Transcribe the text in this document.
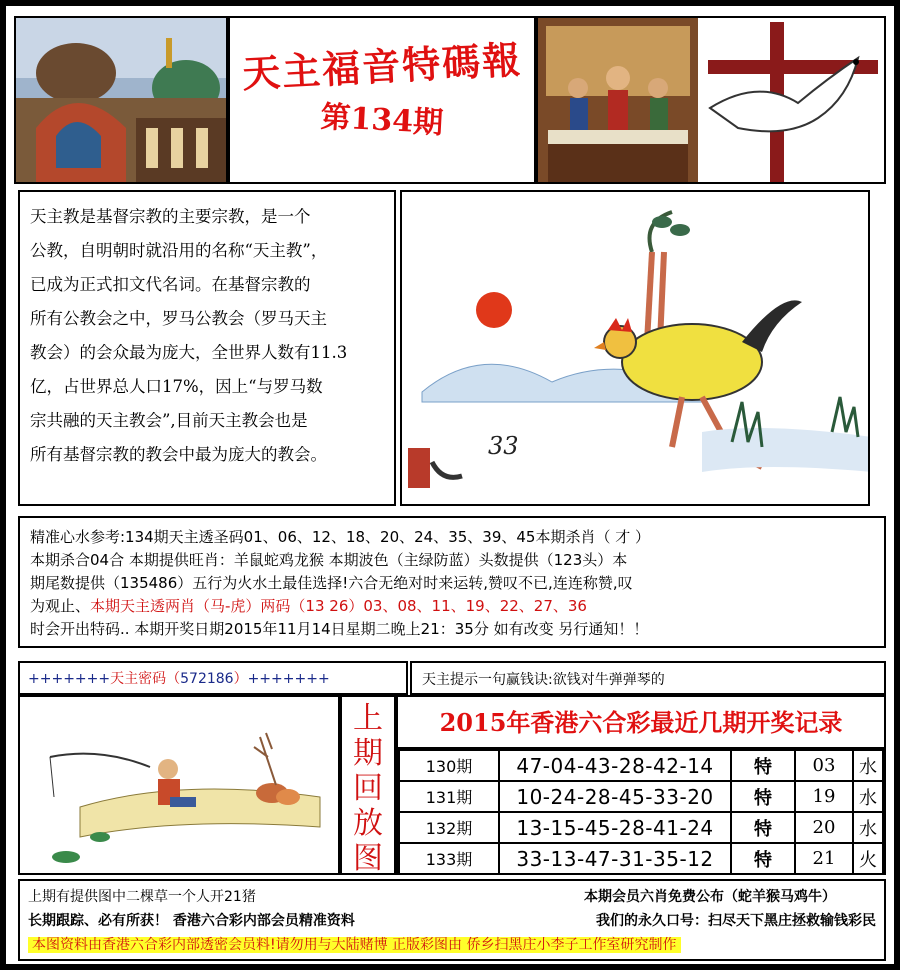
天主福音特碼報
第134期

天主教是基督宗教的主要宗教，是一个

公教，自明朝时就沿用的名称“天主教”，

已成为正式扣文代名词。在基督宗教的

所有公教会之中，罗马公教会（罗马天主

教会）的会众最为庞大，全世界人数有11.3

亿，占世界总人口17%，因上“与罗马数

宗共融的天主教会”,目前天主教会也是

所有基督宗教的教会中最为庞大的教会。	33
精准心水参考:134期天主透圣码01、06、12、18、20、24、35、39、45本期杀肖（ 才 ）
本期杀合04合 本期提供旺肖：羊鼠蛇鸡龙猴 本期波色（主绿防蓝）头数提供（123头）本
期尾数提供（135486）五行为火水土最佳选择!六合无绝对时来运转,赞叹不已,连连称赞,叹
为观止、本期天主透两肖（马-虎）两码（13 26）03、08、11、19、22、27、36
时会开出特码.. 本期开奖日期2015年11月14日星期二晚上21：35分 如有改变 另行通知！！
+++++++天主密码（572186）+++++++	天主提示一句赢钱诀:欲钱对牛弹弹琴的
上
期
回
放
图
2015年香港六合彩最近几期开奖记录
130期	47-04-43-28-42-14	特	03	水
131期	10-24-28-45-33-20	特	19	水
132期	13-15-45-28-41-24	特	20	水
133期	33-13-47-31-35-12	特	21	火
上期有提供图中二棵草一个人开21猪	本期会员六肖免费公布（蛇羊猴马鸡牛）
长期跟踪、必有所获！ 香港六合彩内部会员精准资料	我们的永久口号：扫尽天下黑庄拯救输钱彩民
本图资料由香港六合彩内部透密会员料!请勿用与大陆赌博 正版彩图由 侨乡扫黑庄小李子工作室研究制作
